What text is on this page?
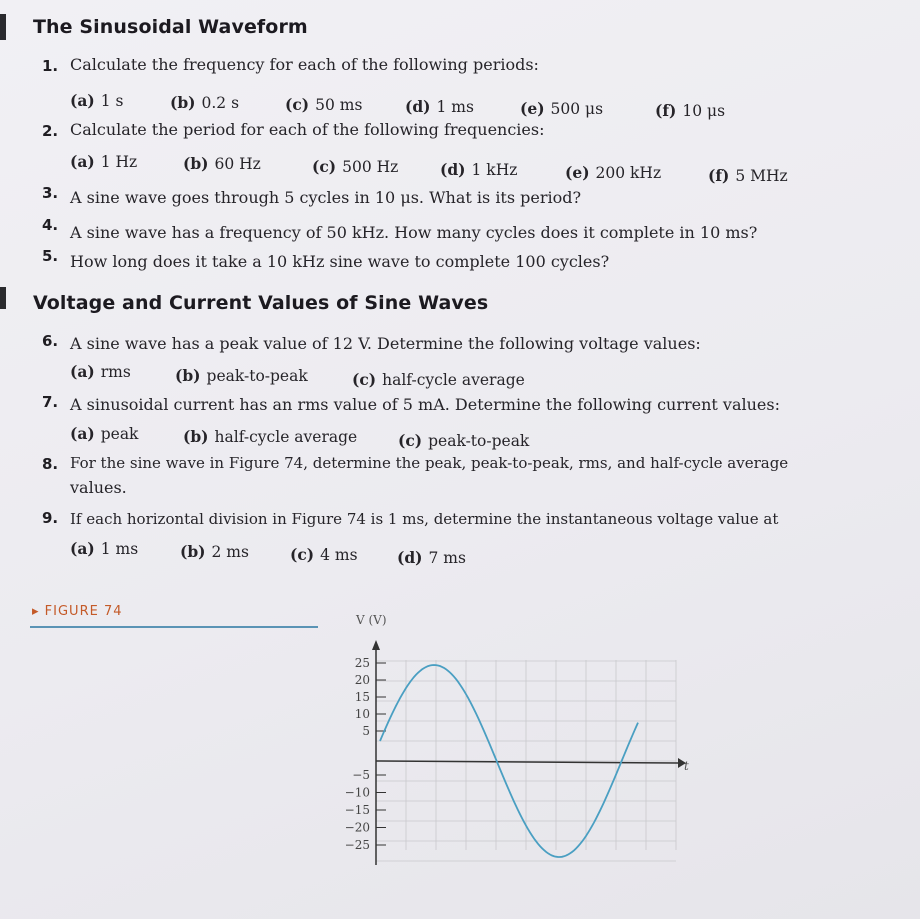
The Sinusoidal Waveform
1. Calculate the frequency for each of the following periods:
(a) 1 s	(b) 0.2 s	(c) 50 ms	(d) 1 ms	(e) 500 μs	(f) 10 μs
2. Calculate the period for each of the following frequencies:
(a) 1 Hz	(b) 60 Hz	(c) 500 Hz	(d) 1 kHz	(e) 200 kHz	(f) 5 MHz
3. A sine wave goes through 5 cycles in 10 μs. What is its period?
4. A sine wave has a frequency of 50 kHz. How many cycles does it complete in 10 ms?
5. How long does it take a 10 kHz sine wave to complete 100 cycles?
Voltage and Current Values of Sine Waves
6. A sine wave has a peak value of 12 V. Determine the following voltage values:
(a) rms	(b) peak-to-peak	(c) half-cycle average
7. A sinusoidal current has an rms value of 5 mA. Determine the following current values:
(a) peak	(b) half-cycle average	(c) peak-to-peak
8. For the sine wave in Figure 74, determine the peak, peak-to-peak, rms, and half-cycle average
values.
9. If each horizontal division in Figure 74 is 1 ms, determine the instantaneous voltage value at
(a) 1 ms	(b) 2 ms	(c) 4 ms	(d) 7 ms
▸ FIGURE 74
V (V)
t
25
20
15
10
5
−5
−10
−15
−20
−25
